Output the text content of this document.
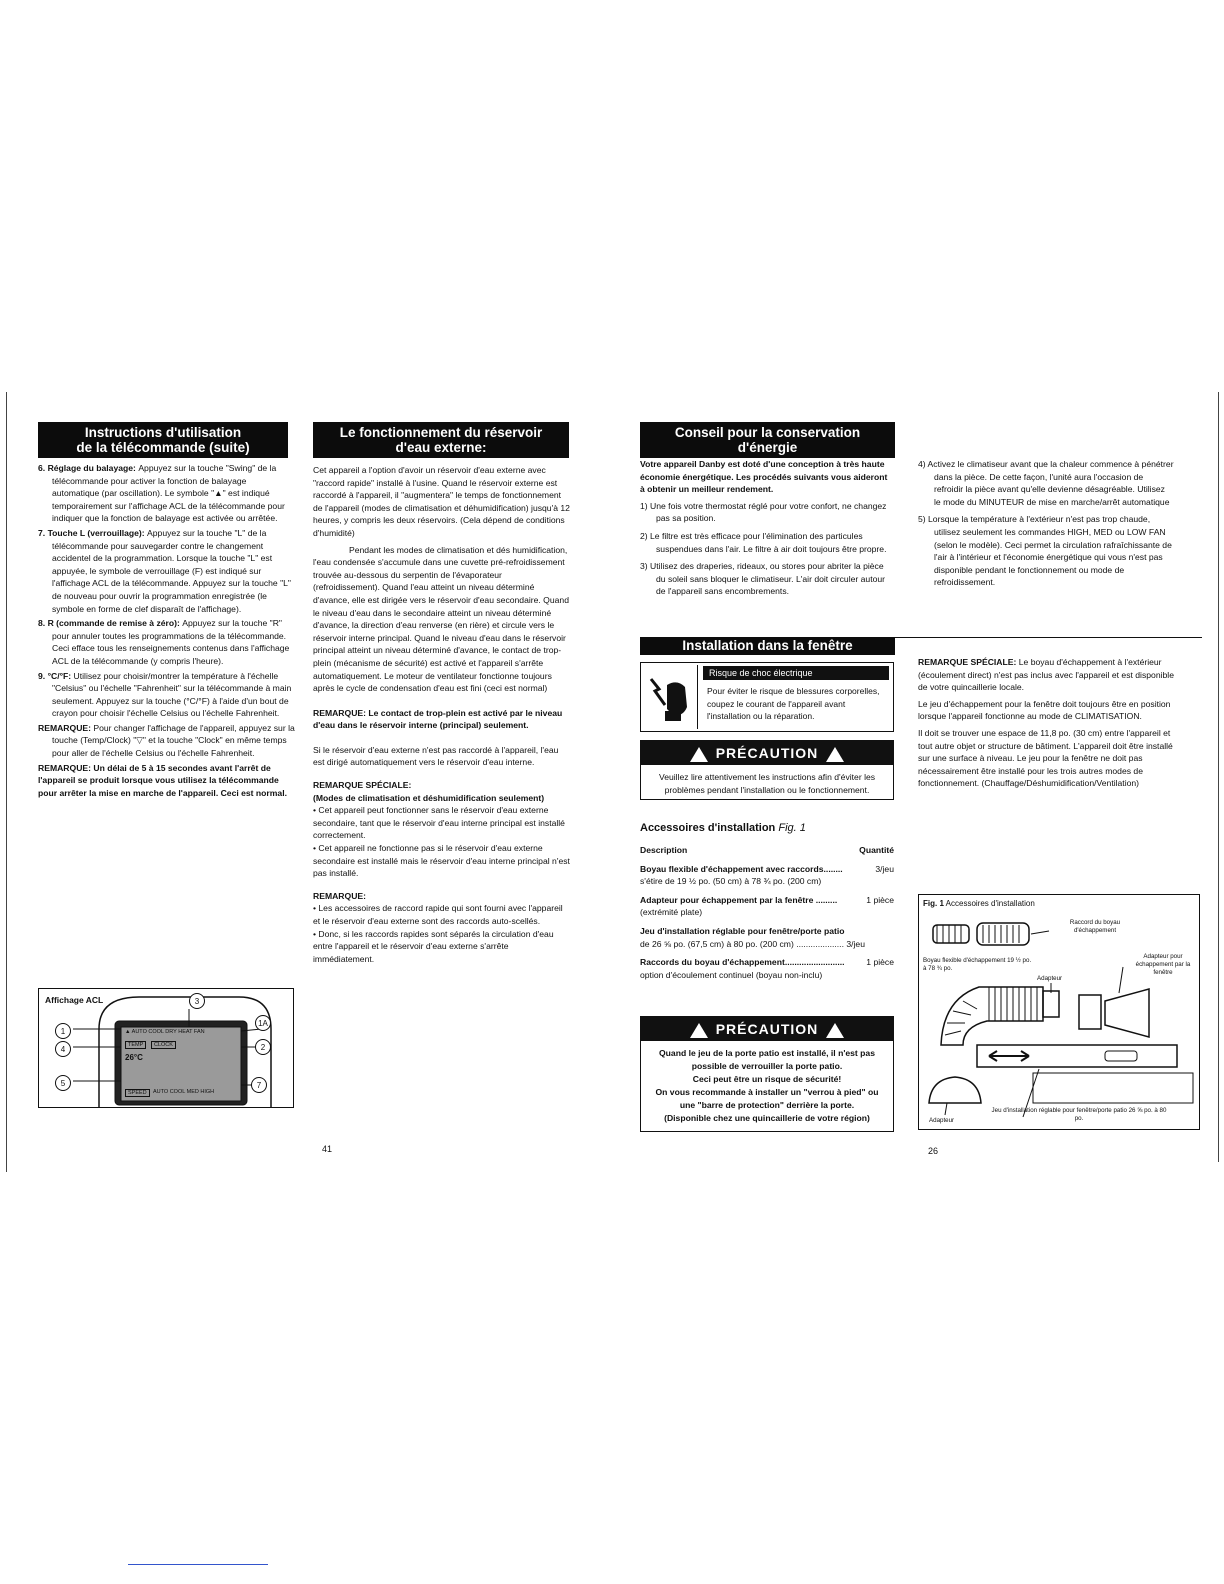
Instructions d'utilisation
de la télécommande (suite)
6. Réglage du balayage: Appuyez sur la touche "Swing" de la télécommande pour activer la fonction de balayage automatique (par oscillation). Le symbole "▲" est indiqué temporairement sur l'affichage ACL de la télécommande pour indiquer que la fonction de balayage est activée ou arrêtée.
7. Touche L (verrouillage): Appuyez sur la touche "L" de la télécommande pour sauvegarder contre le changement accidentel de la programmation. Lorsque la touche "L" est appuyée, le symbole de verrouillage (F) est indiqué sur l'affichage ACL de la télécommande. Appuyez sur la touche "L" de nouveau pour ouvrir la programmation enregistrée (le symbole en forme de clef disparaît de l'affichage).
8. R (commande de remise à zéro): Appuyez sur la touche "R" pour annuler toutes les programmations de la télécommande. Ceci efface tous les renseignements contenus dans l'affichage ACL de la télécommande (y compris l'heure).
9. °C/°F: Utilisez pour choisir/montrer la température à l'échelle "Celsius" ou l'échelle "Fahrenheit" sur la télécommande à main seulement. Appuyez sur la touche (°C/°F) à l'aide d'un bout de crayon pour choisir l'échelle Celsius ou l'échelle Fahrenheit.
REMARQUE: Pour changer l'affichage de l'appareil, appuyez sur la touche (Temp/Clock) "▽" et la touche "Clock" en même temps pour aller de l'échelle Celsius ou l'échelle Fahrenheit.

REMARQUE: Un délai de 5 à 15 secondes avant l'arrêt de l'appareil se produit lorsque vous utilisez la télécommande pour arrêter la mise en marche de l'appareil. Ceci est normal.

Affichage ACL
▲ AUTO COOL DRY HEAT FAN
TEMP	CLOCK
26°C
SPEED	AUTO COOL MED HIGH
1
4
5
3
1A
2
7
41
Le fonctionnement du réservoir
d'eau externe:

Cet appareil a l'option d'avoir un réservoir d'eau externe avec "raccord rapide" installé à l'usine. Quand le réservoir externe est raccordé à l'appareil, il "augmentera" le temps de fonctionnement de l'appareil (modes de climatisation et déhumidification) jusqu'à 12 heures, y compris les deux réservoirs. (Cela dépend de conditions d'humidité)

Pendant les modes de climatisation et dés humidification, l'eau condensée s'accumule dans une cuvette pré-refroidissement trouvée au-dessous du serpentin de l'évaporateur (refroidissement). Quand l'eau atteint un niveau déterminé d'avance, elle est dirigée vers le réservoir d'eau secondaire. Quand le niveau d'eau dans le secondaire atteint un niveau déterminé d'avance, la direction d'eau renverse (en rière) et circule vers le réservoir interne principal. Quand le niveau d'eau dans le réservoir principal atteint un niveau déterminé d'avance, le contact de trop-plein (mécanisme de sécurité) est activé et l'appareil s'arrête automatiquement. Le moteur de ventilateur fonctionne toujours après le cycle de condensation d'eau est fini (ceci est normal)

REMARQUE: Le contact de trop-plein est activé par le niveau d'eau dans le réservoir interne (principal) seulement.

Si le réservoir d'eau externe n'est pas raccordé à l'appareil, l'eau est dirigé automatiquement vers le réservoir d'eau interne.

REMARQUE SPÉCIALE:

(Modes de climatisation et déshumidification seulement)

• Cet appareil peut fonctionner sans le réservoir d'eau externe secondaire, tant que le réservoir d'eau interne principal est installé correctement.

• Cet appareil ne fonctionne pas si le réservoir d'eau externe secondaire est installé mais le réservoir d'eau interne principal n'est pas installé.

REMARQUE:

• Les accessoires de raccord rapide qui sont fourni avec l'appareil et le réservoir d'eau externe sont des raccords auto-scellés.

• Donc, si les raccords rapides sont séparés la circulation d'eau entre l'appareil et le réservoir d'eau externe s'arrête immédiatement.

Conseil pour la conservation
d'énergie

Votre appareil Danby est doté d'une conception à très haute économie énergétique. Les procédés suivants vous aideront à obtenir un meilleur rendement.

1) Une fois votre thermostat réglé pour votre confort, ne changez pas sa position.
2) Le filtre est très efficace pour l'élimination des particules suspendues dans l'air. Le filtre à air doit toujours être propre.
3) Utilisez des draperies, rideaux, ou stores pour abriter la pièce du soleil sans bloquer le climatiseur. L'air doit circuler autour de l'appareil sans encombrements.
Installation dans la fenêtre
Risque de choc électrique
Pour éviter le risque de blessures corporelles, coupez le courant de l'appareil avant l'installation ou la réparation.
PRÉCAUTION
Veuillez lire attentivement les instructions afin d'éviter les problèmes pendant l'installation ou le fonctionnement.
Accessoires d'installation Fig. 1
Description	Quantité
Boyau flexible d'échappement avec raccords........	3/jeu
s'étire de 19 ½ po. (50 cm) à 78 ¾ po. (200 cm)
Adapteur pour échappement par la fenêtre .........	1 pièce
(extrémité plate)
Jeu d'installation réglable pour fenêtre/porte patio
de 26 ⅝ po. (67,5 cm) à 80 po. (200 cm) .................... 3/jeu
Raccords du boyau d'échappement.........................	1 pièce
option d'écoulement continuel (boyau non-inclu)
PRÉCAUTION
Quand le jeu de la porte patio est installé, il n'est pas
possible de verrouiller la porte patio.
Ceci peut être un risque de sécurité!
On vous recommande à installer un "verrou à pied" ou
une "barre de protection" derrière la porte.
(Disponible chez une quincaillerie de votre région)
26
4) Activez le climatiseur avant que la chaleur commence à pénétrer dans la pièce. De cette façon, l'unité aura l'occasion de refroidir la pièce avant qu'elle devienne désagréable. Utilisez le mode du MINUTEUR de mise en marche/arrêt automatique
5) Lorsque la température à l'extérieur n'est pas trop chaude, utilisez seulement les commandes HIGH, MED ou LOW FAN (selon le modèle). Ceci permet la circulation rafraîchissante de l'air à l'intérieur et l'économie énergétique qui vous n'est pas disponible pendant le fonctionnement ou mode de refroidissement.

REMARQUE SPÉCIALE: Le boyau d'échappement à l'extérieur (écoulement direct) n'est pas inclus avec l'appareil et est disponible de votre quincaillerie locale.

Le jeu d'échappement pour la fenêtre doit toujours être en position lorsque l'appareil fonctionne au mode de CLIMATISATION.

Il doit se trouver une espace de 11,8 po. (30 cm) entre l'appareil et tout autre objet or structure de bâtiment. L'appareil doit être installé sur une surface à niveau. Le jeu pour la fenêtre ne doit pas nécessairement être installé pour les trois autres modes de fonctionnement. (Chauffage/Déshumidification/Ventilation)

Fig. 1 Accessoires d'installation
Raccord du boyau d'échappement
Boyau flexible d'échappement 19 ½ po. à 78 ¾ po.
Adapteur pour échappement par la fenêtre
Adapteur
Adapteur
Jeu d'installation réglable pour fenêtre/porte patio 26 ⅝ po. à 80 po.
